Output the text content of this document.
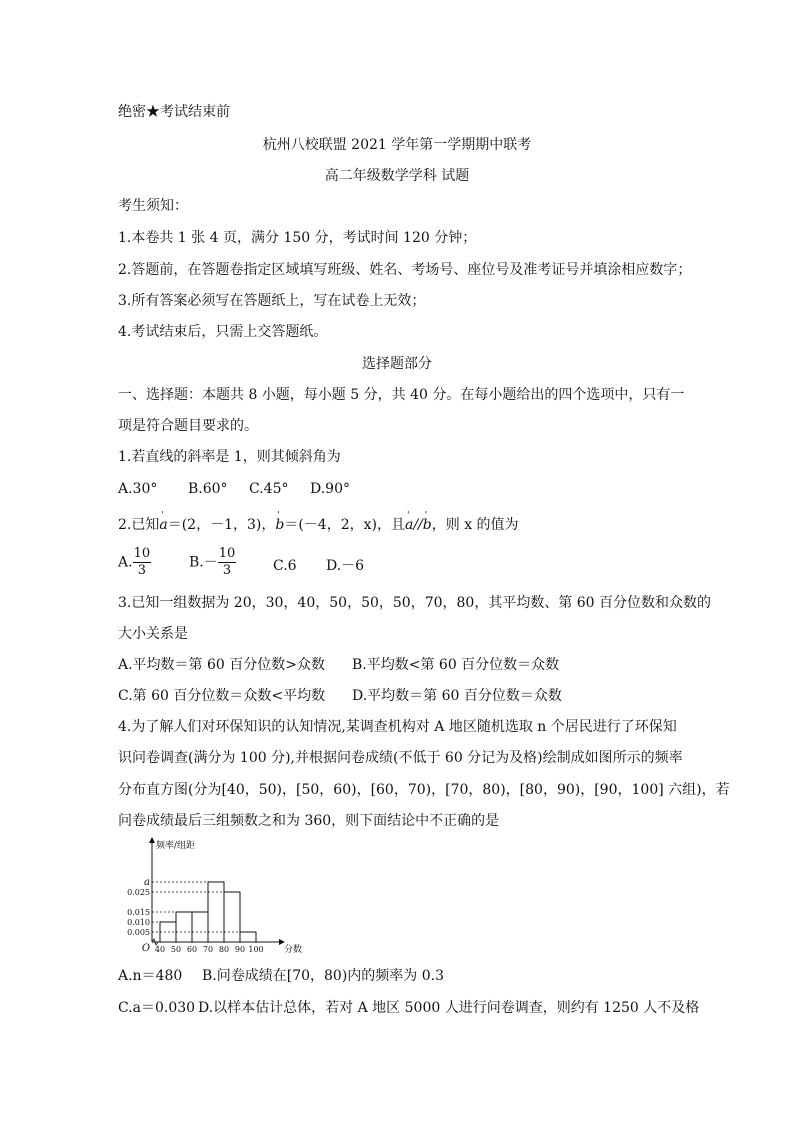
绝密★考试结束前
杭州八校联盟 2021 学年第一学期期中联考
高二年级数学学科 试题
考生须知：
1.本卷共 1 张 4 页，满分 150 分，考试时间 120 分钟；
2.答题前，在答题卷指定区域填写班级、姓名、考场号、座位号及准考证号并填涂相应数字；
3.所有答案必须写在答题纸上，写在试卷上无效；
4.考试结束后，只需上交答题纸。
选择题部分
一、选择题：本题共 8 小题，每小题 5 分，共 40 分。在每小题给出的四个选项中，只有一
项是符合题目要求的。
1.若直线的斜率是 1，则其倾斜角为
A.30° B.60° C.45° D.90°
2.已知' a＝(2，－1，3)，' b＝(－4，2，x)，且' a//' b，则 x 的值为
A. $\frac{10}{3}$	$B.- \frac{10}{3}$	C.6 D.－6
3.已知一组数据为 20，30，40，50，50，50，70，80，其平均数、第 60 百分位数和众数的
大小关系是
A.平均数＝第 60 百分位数>众数 B.平均数<第 60 百分位数＝众数
C.第 60 百分位数＝众数<平均数 D.平均数＝第 60 百分位数＝众数
4.为了解人们对环保知识的认知情况,某调查机构对 A 地区随机选取 n 个居民进行了环保知
识问卷调查(满分为 100 分),并根据问卷成绩(不低于 60 分记为及格)绘制成如图所示的频率
分布直方图(分为[40，50)，[50，60)，[60，70)，[70，80)，[80，90)，[90，100] 六组)，若
问卷成绩最后三组频数之和为 360，则下面结论中不正确的是
0.005
0.010
0.015
0.025
a
40 50 60 70 80 90 100
O
频率/组距
分数
A.n＝480 B.问卷成绩在[70，80)内的频率为 0.3
C.a＝0.030 D.以样本估计总体，若对 A 地区 5000 人进行问卷调查，则约有 1250 人不及格
